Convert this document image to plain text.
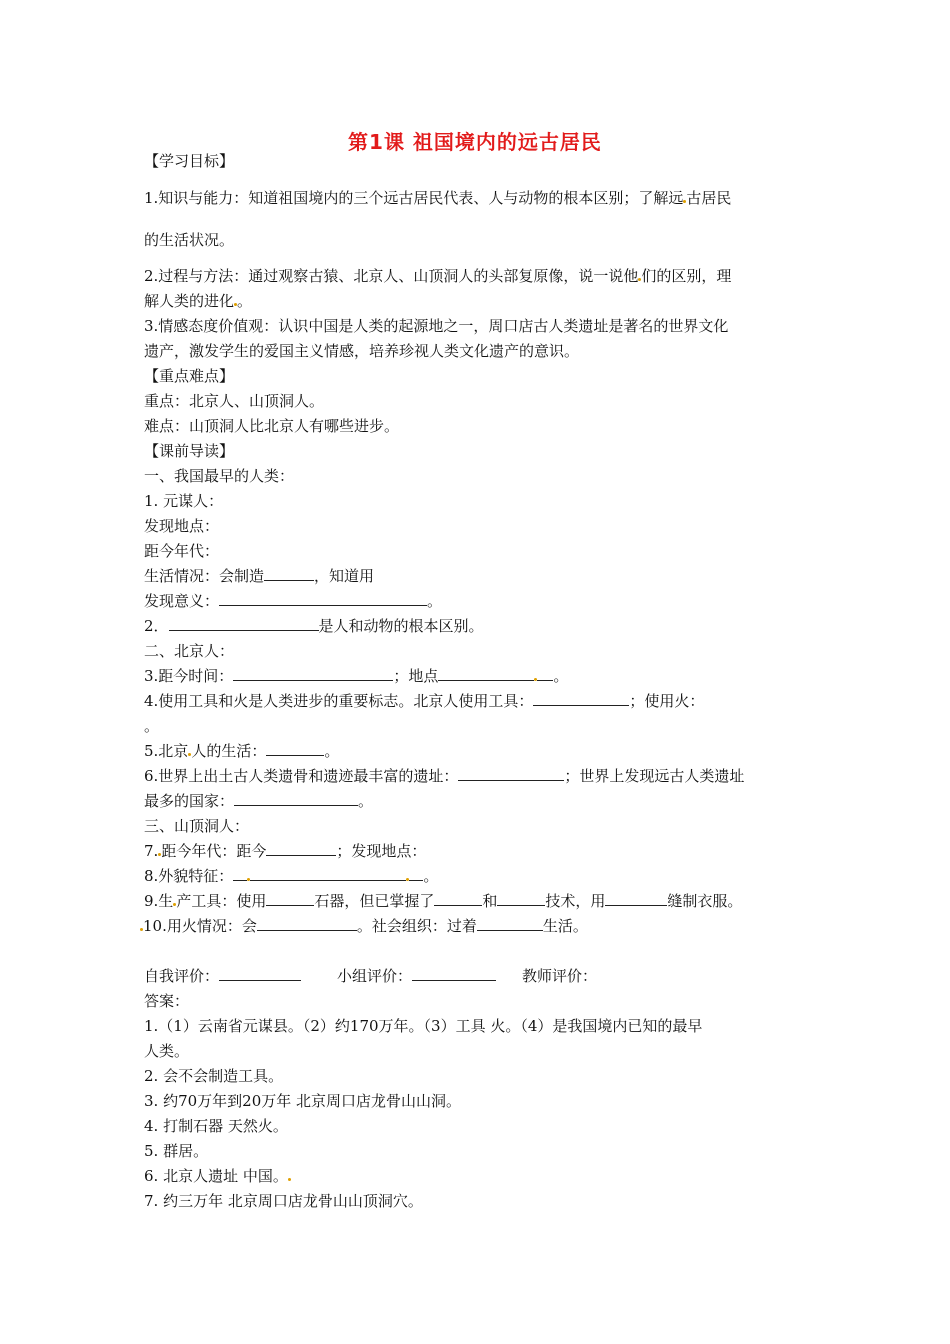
第1课 祖国境内的远古居民
【学习目标】
1.知识与能力：知道祖国境内的三个远古居民代表、人与动物的根本区别；了解远 古居民
的生活状况。
2.过程与方法：通过观察古猿、北京人、山顶洞人的头部复原像，说一说他 们的区别，理
解人类的进化 。
3.情感态度价值观：认识中国是人类的起源地之一，周口店古人类遗址是著名的世界文化
遗产，激发学生的爱国主义情感，培养珍视人类文化遗产的意识。
【重点难点】
重点：北京人、山顶洞人。
难点：山顶洞人比北京人有哪些进步。
【课前导读】
一、我国最早的人类：
1. 元谋人：
发现地点：
距今年代：
生活情况：会制造	，知道用
发现意义：	。
2．	是人和动物的根本区别。
二、北京人：
3.距今时间：	；地点	。
4.使用工具和火是人类进步的重要标志。北京人使用工具：	；使用火：
。
5.北京 人的生活：	。
6.世界上出土古人类遗骨和遗迹最丰富的遗址：	；世界上发现远古人类遗址
最多的国家：	。
三、山顶洞人：
7. 距今年代：距今	；发现地点：
8.外貌特征：	。
9.生 产工具：使用	石器，但已掌握了	和	技术，用	缝制衣服。
10.用火情况：会	。社会组织：过着	生活。
自我评价：	小组评价：	教师评价：
答案：
1.（1）云南省元谋县。（2）约170万年。（3）工具 火。（4）是我国境内已知的最早
人类。
2. 会不会制造工具。
3. 约70万年到20万年 北京周口店龙骨山山洞。
4. 打制石器 天然火。
5. 群居。
6. 北京人遗址 中国。
7. 约三万年 北京周口店龙骨山山顶洞穴。
